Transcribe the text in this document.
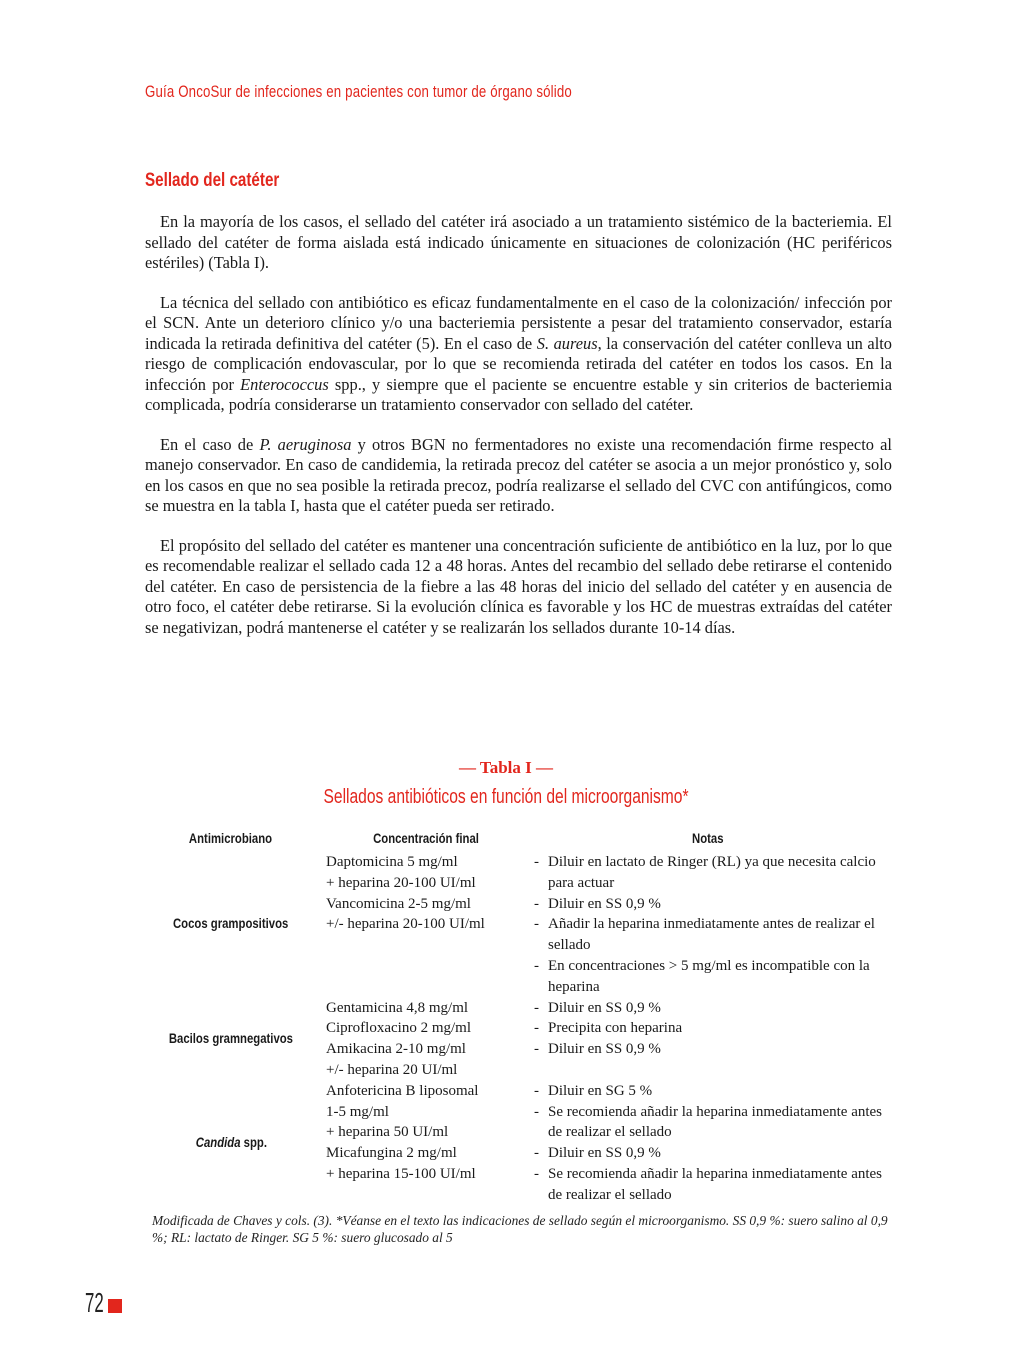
Guía OncoSur de infecciones en pacientes con tumor de órgano sólido
Sellado del catéter

En la mayoría de los casos, el sellado del catéter irá asociado a un tratamiento sistémico de la bacteriemia. El sellado del catéter de forma aislada está indicado únicamente en situaciones de colonización (HC periféricos estériles) (Tabla I).

La técnica del sellado con antibiótico es eficaz fundamentalmente en el caso de la colonización/ infección por el SCN. Ante un deterioro clínico y/o una bacteriemia persistente a pesar del tratamiento conservador, estaría indicada la retirada definitiva del catéter (5). En el caso de S. aureus, la conservación del catéter conlleva un alto riesgo de complicación endovascular, por lo que se recomienda retirada del catéter en todos los casos. En la infección por Enterococcus spp., y siempre que el paciente se encuentre estable y sin criterios de bacteriemia complicada, podría considerarse un tratamiento conservador con sellado del catéter.

En el caso de P. aeruginosa y otros BGN no fermentadores no existe una recomendación firme respecto al manejo conservador. En caso de candidemia, la retirada precoz del catéter se asocia a un mejor pronóstico y, solo en los casos en que no sea posible la retirada precoz, podría realizarse el sellado del CVC con antifúngicos, como se muestra en la tabla I, hasta que el catéter pueda ser retirado.

El propósito del sellado del catéter es mantener una concentración suficiente de antibiótico en la luz, por lo que es recomendable realizar el sellado cada 12 a 48 horas. Antes del recambio del sellado debe retirarse el contenido del catéter. En caso de persistencia de la fiebre a las 48 horas del inicio del sellado del catéter y en ausencia de otro foco, el catéter debe retirarse. Si la evolución clínica es favorable y los HC de muestras extraídas del catéter se negativizan, podrá mantenerse el catéter y se realizarán los sellados durante 10-14 días.

— Tabla I —
Sellados antibióticos en función del microorganismo*
Antimicrobiano	Concentración final	Notas
Cocos grampositivos
Daptomicina 5 mg/ml
+ heparina 20-100 UI/ml
Vancomicina 2-5 mg/ml
+/- heparina 20-100 UI/ml
- Diluir en lactato de Ringer (RL) ya que necesita calcio para actuar
- Diluir en SS 0,9 %
- Añadir la heparina inmediatamente antes de realizar el sellado
- En concentraciones > 5 mg/ml es incompatible con la heparina
Bacilos gramnegativos
Gentamicina 4,8 mg/ml
Ciprofloxacino 2 mg/ml
Amikacina 2-10 mg/ml
+/- heparina 20 UI/ml
- Diluir en SS 0,9 %
- Precipita con heparina
- Diluir en SS 0,9 %
Candida spp.
Anfotericina B liposomal
1-5 mg/ml
+ heparina 50 UI/ml
Micafungina 2 mg/ml
+ heparina 15-100 UI/ml
- Diluir en SG 5 %
- Se recomienda añadir la heparina inmediatamente antes de realizar el sellado
- Diluir en SS 0,9 %
- Se recomienda añadir la heparina inmediatamente antes de realizar el sellado
Modificada de Chaves y cols. (3). *Véanse en el texto las indicaciones de sellado según el microorganismo. SS 0,9 %: suero salino al 0,9 %; RL: lactato de Ringer. SG 5 %: suero glucosado al 5
72
